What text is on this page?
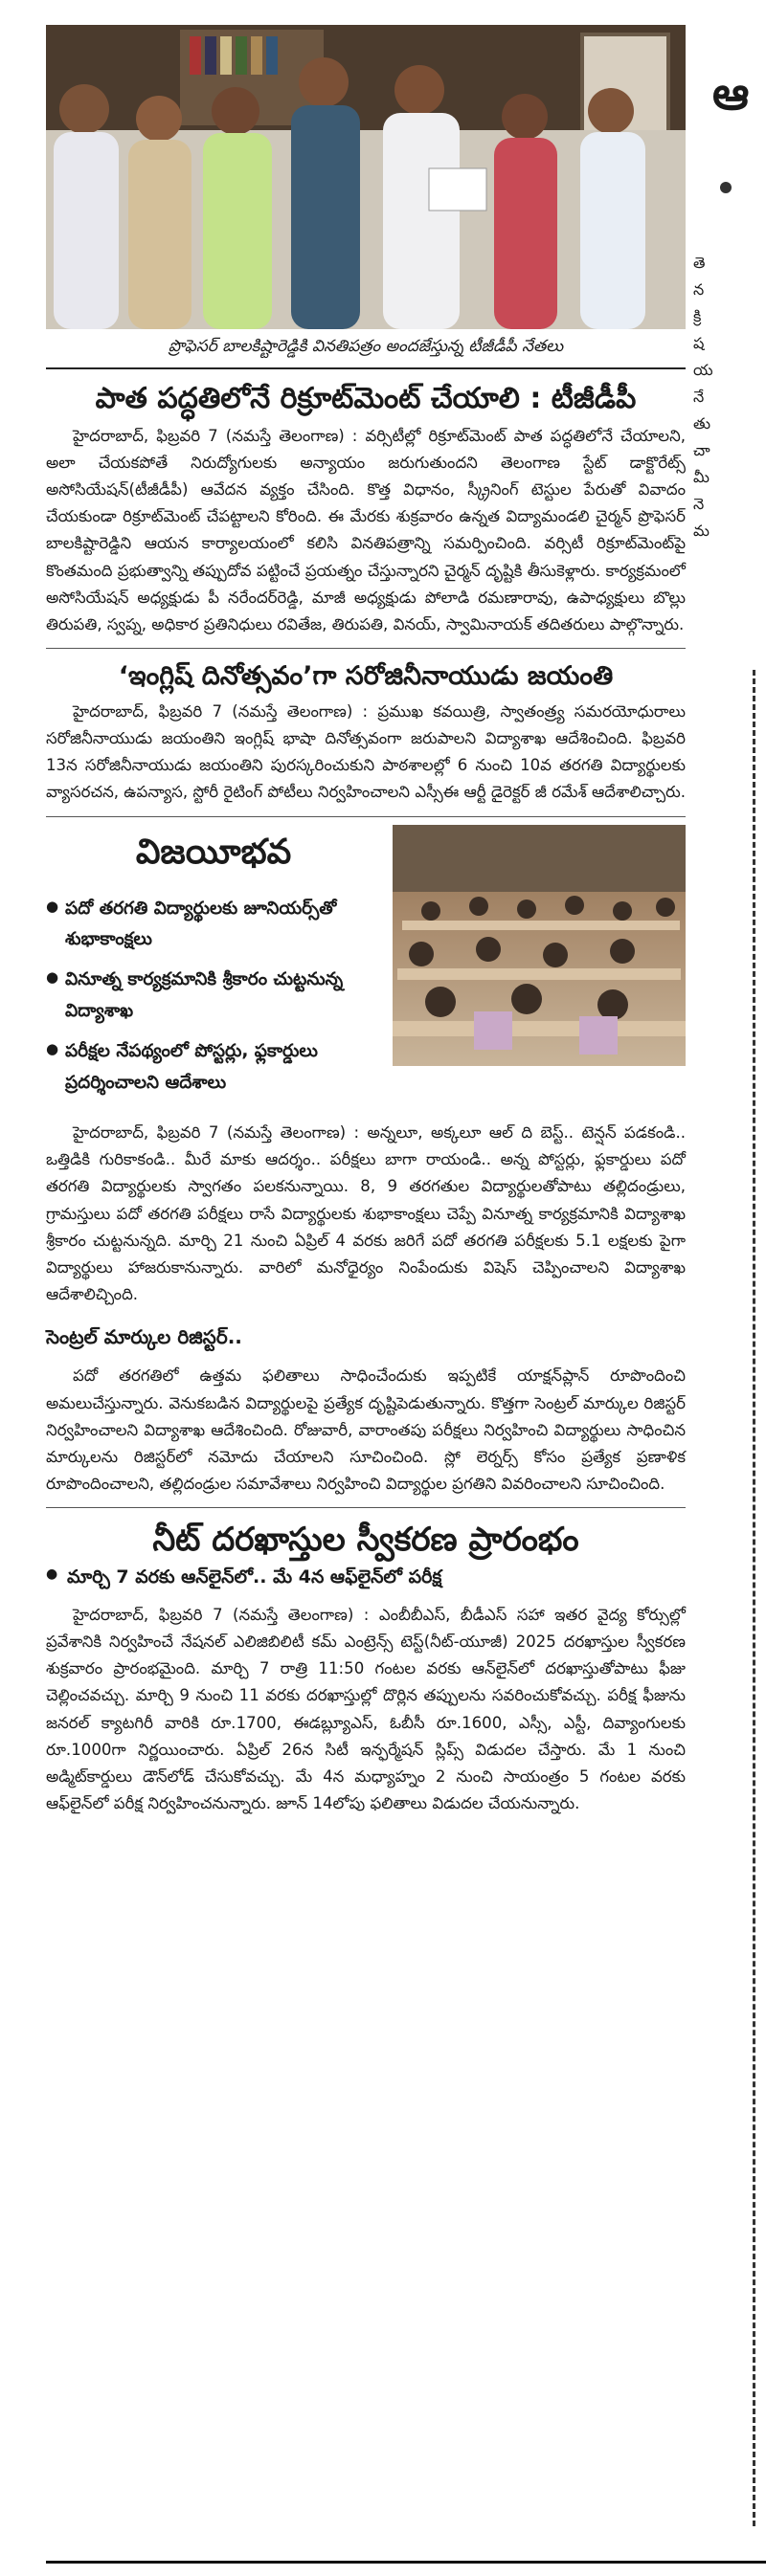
ప్రొఫెసర్ బాలకిష్టారెడ్డికి వినతిపత్రం అందజేస్తున్న టీజీడీపీ నేతలు
పాత పద్ధతిలోనే రిక్రూట్‌మెంట్ చేయాలి : టీజీడీపీ

హైదరాబాద్, ఫిబ్రవరి 7 (నమస్తే తెలంగాణ) : వర్సిటీల్లో రిక్రూట్‌మెంట్ పాత పద్ధతిలోనే చేయాలని, అలా చేయకపోతే నిరుద్యోగులకు అన్యాయం జరుగుతుందని తెలంగాణ స్టేట్ డాక్టొరేట్స్ అసోసియేషన్(టీజీడీపీ) ఆవేదన వ్యక్తం చేసింది. కొత్త విధానం, స్క్రీనింగ్ టెస్టుల పేరుతో వివాదం చేయకుండా రిక్రూట్‌మెంట్ చేపట్టాలని కోరింది. ఈ మేరకు శుక్రవారం ఉన్నత విద్యామండలి చైర్మన్ ప్రొఫెసర్ బాలకిష్టారెడ్డిని ఆయన కార్యాలయంలో కలిసి వినతిపత్రాన్ని సమర్పించింది. వర్సిటీ రిక్రూట్‌మెంట్‌పై కొంతమంది ప్రభుత్వాన్ని తప్పుదోవ పట్టించే ప్రయత్నం చేస్తున్నారని చైర్మన్ దృష్టికి తీసుకెళ్లారు. కార్యక్రమంలో అసోసియేషన్ అధ్యక్షుడు పీ నరేందర్‌రెడ్డి, మాజీ అధ్యక్షుడు పోలాడి రమణారావు, ఉపాధ్యక్షులు బొల్లు తిరుపతి, స్వప్న, అధికార ప్రతినిధులు రవితేజ, తిరుపతి, వినయ్, స్వామినాయక్ తదితరులు పాల్గొన్నారు.

‘ఇంగ్లిష్ దినోత్సవం’గా సరోజినీనాయుడు జయంతి

హైదరాబాద్, ఫిబ్రవరి 7 (నమస్తే తెలంగాణ) : ప్రముఖ కవయిత్రి, స్వాతంత్ర్య సమరయోధురాలు సరోజినీనాయుడు జయంతిని ఇంగ్లిష్ భాషా దినోత్సవంగా జరుపాలని విద్యాశాఖ ఆదేశించింది. ఫిబ్రవరి 13న సరోజినీనాయుడు జయంతిని పురస్కరించుకుని పాఠశాలల్లో 6 నుంచి 10వ తరగతి విద్యార్థులకు వ్యాసరచన, ఉపన్యాస, స్టోరీ రైటింగ్ పోటీలు నిర్వహించాలని ఎస్సీఈ ఆర్టీ డైరెక్టర్ జీ రమేశ్ ఆదేశాలిచ్చారు.

విజయీభవ
● పదో తరగతి విద్యార్థులకు జూనియర్స్‌తో శుభాకాంక్షలు
● వినూత్న కార్యక్రమానికి శ్రీకారం చుట్టనున్న విద్యాశాఖ
● పరీక్షల నేపథ్యంలో పోస్టర్లు, ఫ్లకార్డులు ప్రదర్శించాలని ఆదేశాలు

హైదరాబాద్, ఫిబ్రవరి 7 (నమస్తే తెలంగాణ) : అన్నలూ, అక్కలూ ఆల్ ది బెస్ట్.. టెన్షన్ పడకండి.. ఒత్తిడికి గురికాకండి.. మీరే మాకు ఆదర్శం.. పరీక్షలు బాగా రాయండి.. అన్న పోస్టర్లు, ఫ్లకార్డులు పదో తరగతి విద్యార్థులకు స్వాగతం పలకనున్నాయి. 8, 9 తరగతుల విద్యార్థులతోపాటు తల్లిదండ్రులు, గ్రామస్తులు పదో తరగతి పరీక్షలు రాసే విద్యార్థులకు శుభాకాంక్షలు చెప్పే వినూత్న కార్యక్రమానికి విద్యాశాఖ శ్రీకారం చుట్టనున్నది. మార్చి 21 నుంచి ఏప్రిల్ 4 వరకు జరిగే పదో తరగతి పరీక్షలకు 5.1 లక్షలకు పైగా విద్యార్థులు హాజరుకానున్నారు. వారిలో మనోధైర్యం నింపేందుకు విషెస్ చెప్పించాలని విద్యాశాఖ ఆదేశాలిచ్చింది.

సెంట్రల్ మార్కుల రిజిస్టర్..

పదో తరగతిలో ఉత్తమ ఫలితాలు సాధించేందుకు ఇప్పటికే యాక్షన్‌ప్లాన్ రూపొందించి అమలుచేస్తున్నారు. వెనుకబడిన విద్యార్థులపై ప్రత్యేక దృష్టిపెడుతున్నారు. కొత్తగా సెంట్రల్ మార్కుల రిజిస్టర్ నిర్వహించాలని విద్యాశాఖ ఆదేశించింది. రోజువారీ, వారాంతపు పరీక్షలు నిర్వహించి విద్యార్థులు సాధించిన మార్కులను రిజిస్టర్‌లో నమోదు చేయాలని సూచించింది. స్లో లెర్నర్స్ కోసం ప్రత్యేక ప్రణాళిక రూపొందించాలని, తల్లిదండ్రుల సమావేశాలు నిర్వహించి విద్యార్థుల ప్రగతిని వివరించాలని సూచించింది.

నీట్ దరఖాస్తుల స్వీకరణ ప్రారంభం
● మార్చి 7 వరకు ఆన్‌లైన్‌లో.. మే 4న ఆఫ్‌లైన్‌లో పరీక్ష

హైదరాబాద్, ఫిబ్రవరి 7 (నమస్తే తెలంగాణ) : ఎంబీబీఎస్, బీడీఎస్ సహా ఇతర వైద్య కోర్సుల్లో ప్రవేశానికి నిర్వహించే నేషనల్ ఎలిజిబిలిటీ కమ్ ఎంట్రెన్స్ టెస్ట్(నీట్-యూజీ) 2025 దరఖాస్తుల స్వీకరణ శుక్రవారం ప్రారంభమైంది. మార్చి 7 రాత్రి 11:50 గంటల వరకు ఆన్‌లైన్‌లో దరఖాస్తుతోపాటు ఫీజు చెల్లించవచ్చు. మార్చి 9 నుంచి 11 వరకు దరఖాస్తుల్లో దొర్లిన తప్పులను సవరించుకోవచ్చు. పరీక్ష ఫీజును జనరల్ క్యాటగిరీ వారికి రూ.1700, ఈడబ్ల్యూఎస్, ఓబీసీ రూ.1600, ఎస్సీ, ఎస్టీ, దివ్యాంగులకు రూ.1000గా నిర్ణయించారు. ఏప్రిల్ 26న సిటీ ఇన్ఫర్మేషన్ స్లిప్స్ విడుదల చేస్తారు. మే 1 నుంచి అడ్మిట్‌కార్డులు డౌన్‌లోడ్ చేసుకోవచ్చు. మే 4న మధ్యాహ్నం 2 నుంచి సాయంత్రం 5 గంటల వరకు ఆఫ్‌లైన్‌లో పరీక్ష నిర్వహించనున్నారు. జూన్ 14లోపు ఫలితాలు విడుదల చేయనున్నారు.

ఆ
తె
న
క్రి
ష
య
నే
తు
చా
మీ
నె
మ
